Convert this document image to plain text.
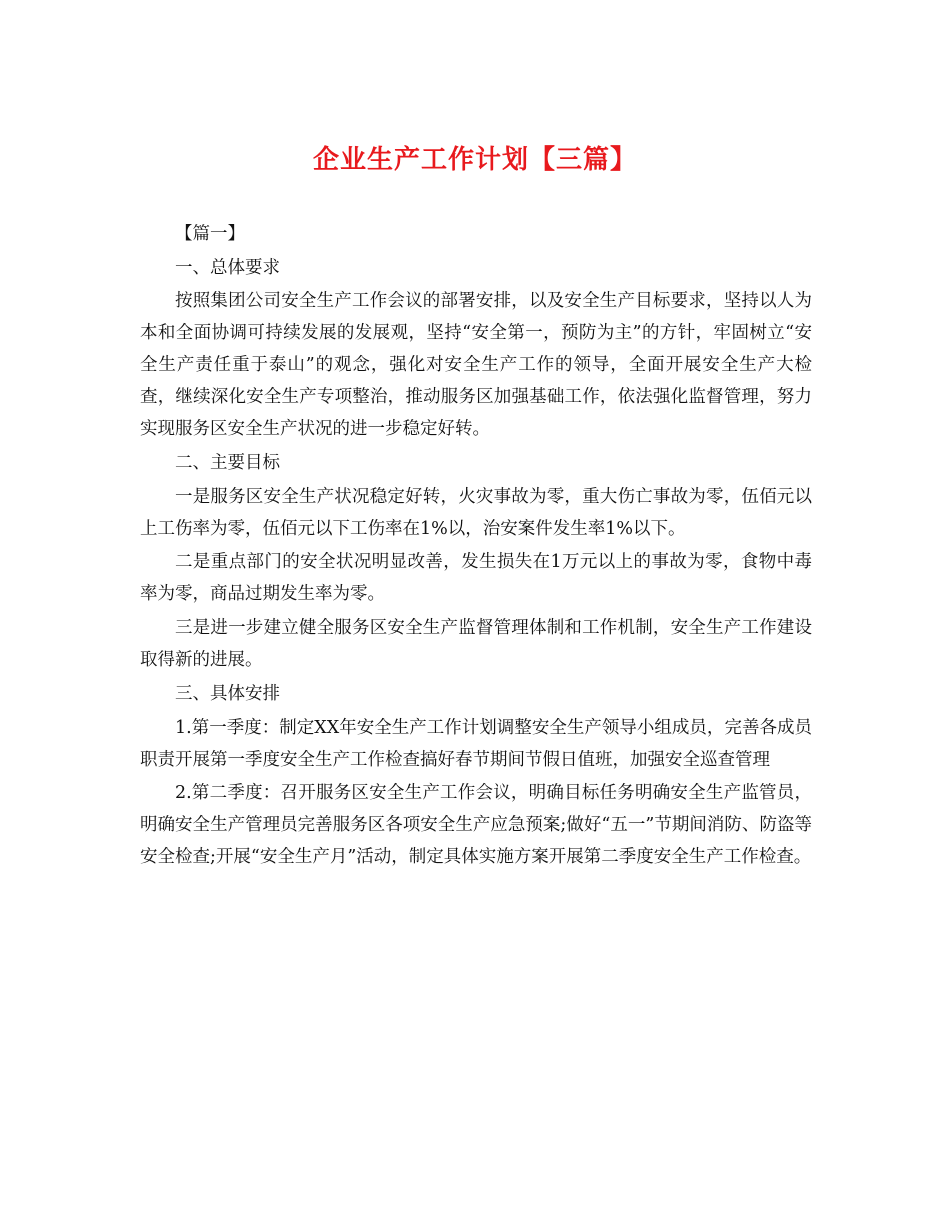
企业生产工作计划【三篇】

【篇一】

一、总体要求

按照集团公司安全生产工作会议的部署安排，以及安全生产目标要求，坚持以人为本和全面协调可持续发展的发展观，坚持“安全第一，预防为主”的方针，牢固树立“安全生产责任重于泰山”的观念，强化对安全生产工作的领导，全面开展安全生产大检查，继续深化安全生产专项整治，推动服务区加强基础工作，依法强化监督管理，努力实现服务区安全生产状况的进一步稳定好转。

二、主要目标

一是服务区安全生产状况稳定好转，火灾事故为零，重大伤亡事故为零，伍佰元以上工伤率为零，伍佰元以下工伤率在1%以，治安案件发生率1%以下。

二是重点部门的安全状况明显改善，发生损失在1万元以上的事故为零，食物中毒率为零，商品过期发生率为零。

三是进一步建立健全服务区安全生产监督管理体制和工作机制，安全生产工作建设取得新的进展。

三、具体安排

1.第一季度：制定XX年安全生产工作计划调整安全生产领导小组成员，完善各成员职责开展第一季度安全生产工作检查搞好春节期间节假日值班，加强安全巡查管理

2.第二季度：召开服务区安全生产工作会议，明确目标任务明确安全生产监管员，明确安全生产管理员完善服务区各项安全生产应急预案;做好“五一”节期间消防、防盗等安全检查;开展“安全生产月”活动，制定具体实施方案开展第二季度安全生产工作检查。
